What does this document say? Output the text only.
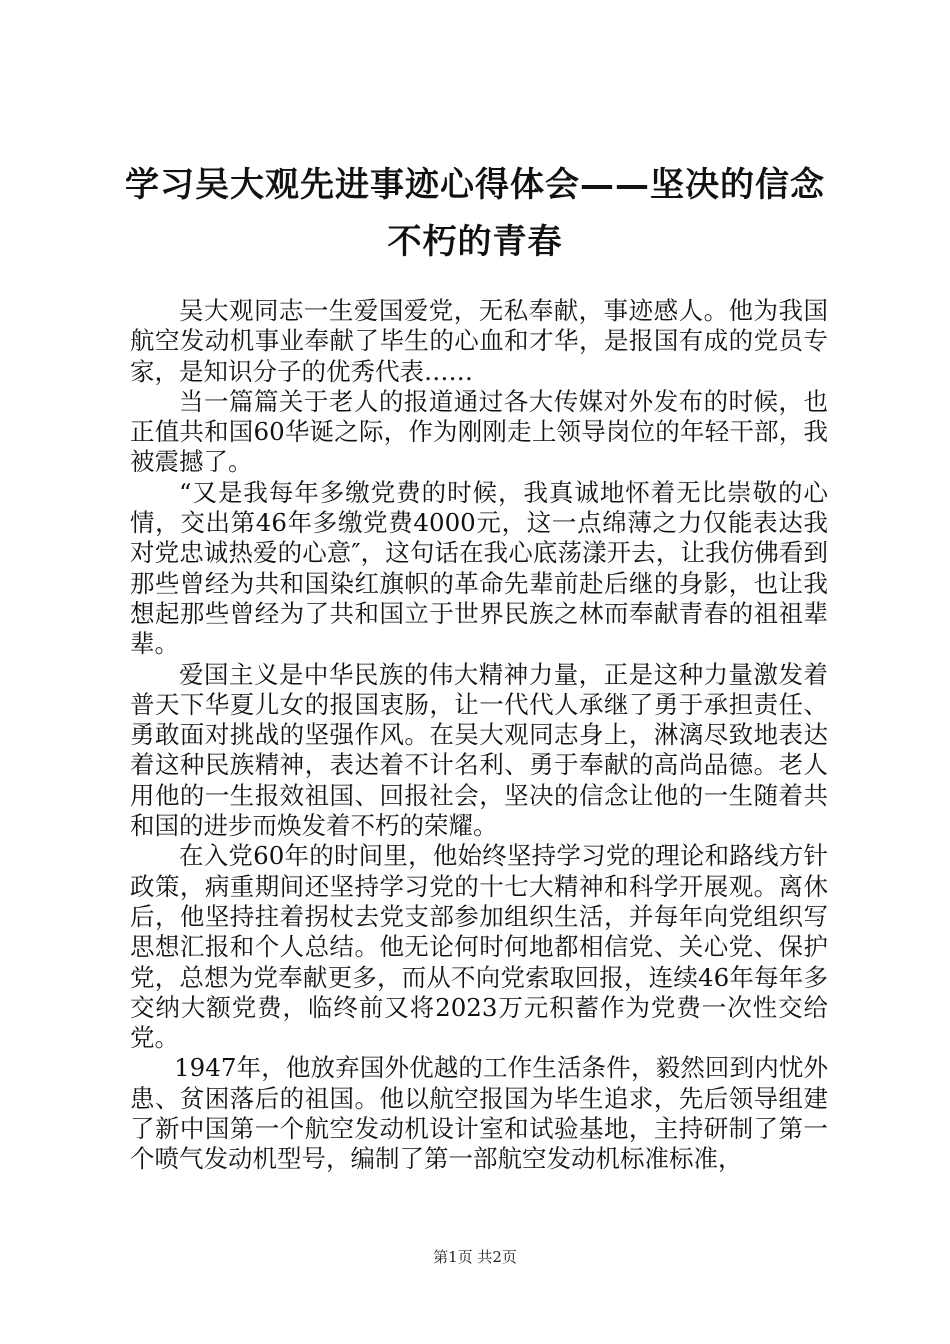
学习吴大观先进事迹心得体会——坚决的信念
不朽的青春

吴大观同志一生爱国爱党，无私奉献，事迹感人。他为我国航空发动机事业奉献了毕生的心血和才华，是报国有成的党员专家，是知识分子的优秀代表……

当一篇篇关于老人的报道通过各大传媒对外发布的时候，也正值共和国60华诞之际，作为刚刚走上领导岗位的年轻干部，我被震撼了。

“又是我每年多缴党费的时候，我真诚地怀着无比崇敬的心情，交出第46年多缴党费4000元，这一点绵薄之力仅能表达我对党忠诚热爱的心意″，这句话在我心底荡漾开去，让我仿佛看到那些曾经为共和国染红旗帜的革命先辈前赴后继的身影，也让我想起那些曾经为了共和国立于世界民族之林而奉献青春的祖祖辈辈。

爱国主义是中华民族的伟大精神力量，正是这种力量激发着普天下华夏儿女的报国衷肠，让一代代人承继了勇于承担责任、勇敢面对挑战的坚强作风。在吴大观同志身上，淋漓尽致地表达着这种民族精神，表达着不计名利、勇于奉献的高尚品德。老人用他的一生报效祖国、回报社会，坚决的信念让他的一生随着共和国的进步而焕发着不朽的荣耀。

在入党60年的时间里，他始终坚持学习党的理论和路线方针政策，病重期间还坚持学习党的十七大精神和科学开展观。离休后，他坚持拄着拐杖去党支部参加组织生活，并每年向党组织写思想汇报和个人总结。他无论何时何地都相信党、关心党、保护党，总想为党奉献更多，而从不向党索取回报，连续46年每年多交纳大额党费，临终前又将2023万元积蓄作为党费一次性交给党。

1947年，他放弃国外优越的工作生活条件，毅然回到内忧外患、贫困落后的祖国。他以航空报国为毕生追求，先后领导组建了新中国第一个航空发动机设计室和试验基地，主持研制了第一个喷气发动机型号，编制了第一部航空发动机标准标准，

第1页 共2页
